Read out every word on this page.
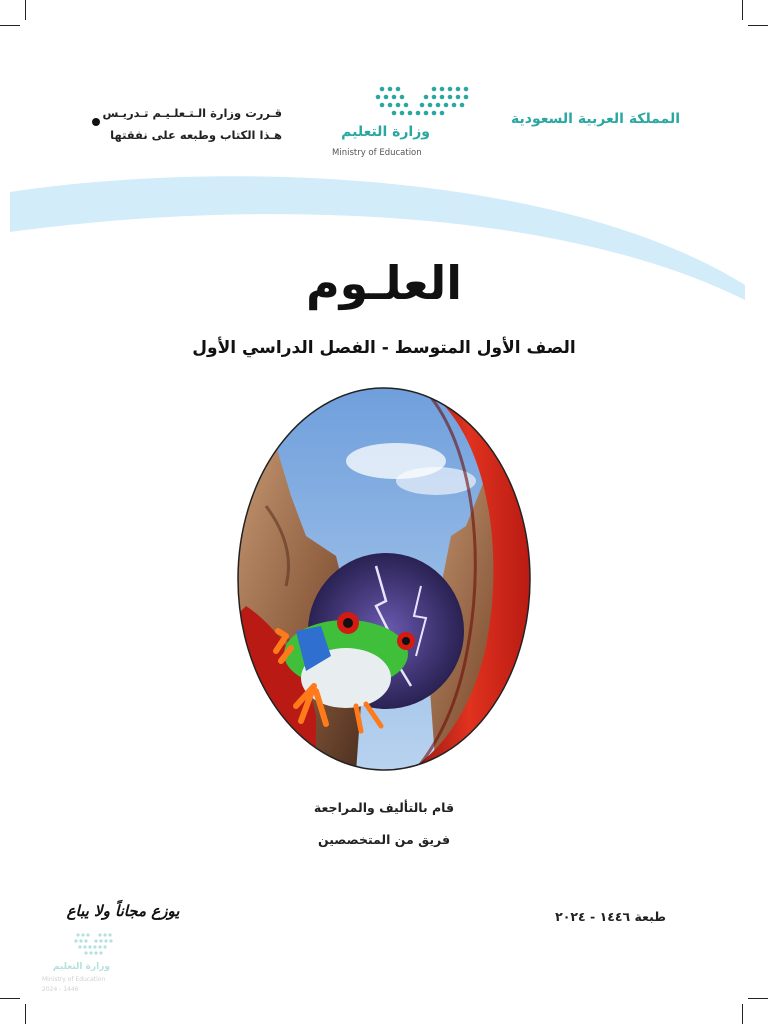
المملكة العربية السعودية
وزارة التعليم
Ministry of Education
قـررت وزارة الـتـعلـيـم تـدريـس
هـذا الكتاب وطبعه على نفقتها
العلـوم
الصف الأول المتوسط - الفصل الدراسي الأول
قام بالتأليف والمراجعة
فريق من المتخصصين
طبعة ١٤٤٦ - ٢٠٢٤
يوزع مجاناً ولا يباع
وزارة التعليم
Ministry of Education
2024 - 1446
